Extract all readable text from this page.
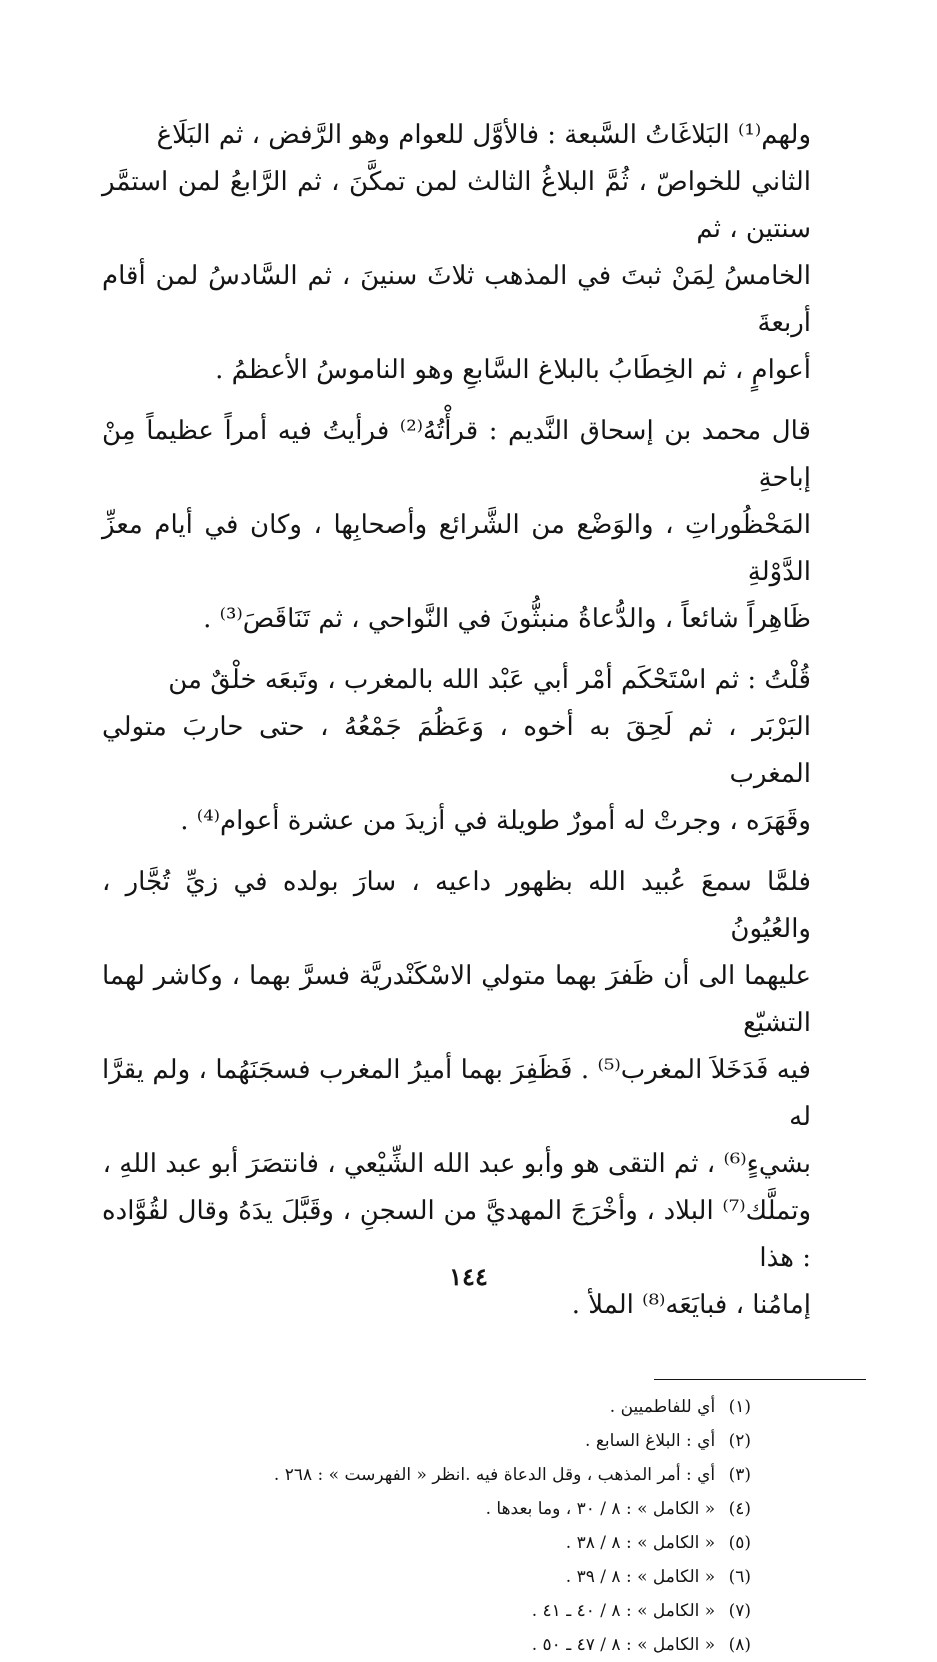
ولهم⁽¹⁾ البَلاغَاتُ السَّبعة : فالأوَّل للعوام وهو الرَّفض ، ثم البَلَاغ

الثاني للخواصّ ، ثُمَّ البلاغُ الثالث لمن تمكَّنَ ، ثم الرَّابعُ لمن استمَّر سنتين ، ثم

الخامسُ لِمَنْ ثبتَ في المذهب ثلاثَ سنينَ ، ثم السَّادسُ لمن أقام أربعةَ

أعوامٍ ، ثم الخِطَابُ بالبلاغ السَّابعِ وهو الناموسُ الأعظمُ .

قال محمد بن إسحاق النَّديم : قرأْتُهُ⁽²⁾ فرأيتُ فيه أمراً عظيماً مِنْ إباحةِ

المَحْظُوراتِ ، والوَضْع من الشَّرائع وأصحابِها ، وكان في أيام معزِّ الدَّوْلةِ

ظَاهِراً شائعاً ، والدُّعاةُ منبثُّونَ في النَّواحي ، ثم تَنَاقَصَ⁽³⁾ .

قُلْتُ : ثم اسْتَحْكَم أمْر أبي عَبْد الله بالمغرب ، وتَبعَه خلْقٌ من

البَرْبَر ، ثم لَحِقَ به أخوه ، وَعَظُمَ جَمْعُهُ ، حتى حاربَ متولي المغرب

وقَهَرَه ، وجرتْ له أمورٌ طويلة في أزيدَ من عشرة أعوام⁽⁴⁾ .

فلمَّا سمعَ عُبيد الله بظهور داعيه ، سارَ بولده في زيِّ تُجَّار ، والعُيُونُ

عليهما الى أن ظَفرَ بهما متولي الاسْكَنْدريَّة فسرَّ بهما ، وكاشر لهما التشيّع

فيه فَدَخَلاَ المغرب⁽⁵⁾ . فَظَفِرَ بهما أميرُ المغرب فسجَنَهُما ، ولم يقرَّا له

بشيءٍ⁽⁶⁾ ، ثم التقى هو وأبو عبد الله الشِّيْعي ، فانتصَرَ أبو عبد اللهِ ،

وتملَّك⁽⁷⁾ البلاد ، وأخْرَجَ المهديَّ من السجنِ ، وقَبَّلَ يدَهُ وقال لقُوَّاده : هذا

إمامُنا ، فبايَعَه⁽⁸⁾ الملأ .

(١) أي للفاطميين .
(٢) أي : البلاغ السابع .
(٣) أي : أمر المذهب ، وقل الدعاة فيه .انظر « الفهرست » : ٢٦٨ .
(٤) « الكامل » : ٨ / ٣٠ ، وما بعدها .
(٥) « الكامل » : ٨ / ٣٨ .
(٦) « الكامل » : ٨ / ٣٩ .
(٧) « الكامل » : ٨ / ٤٠ ـ ٤١ .
(٨) « الكامل » : ٨ / ٤٧ ـ ٥٠ .
١٤٤
